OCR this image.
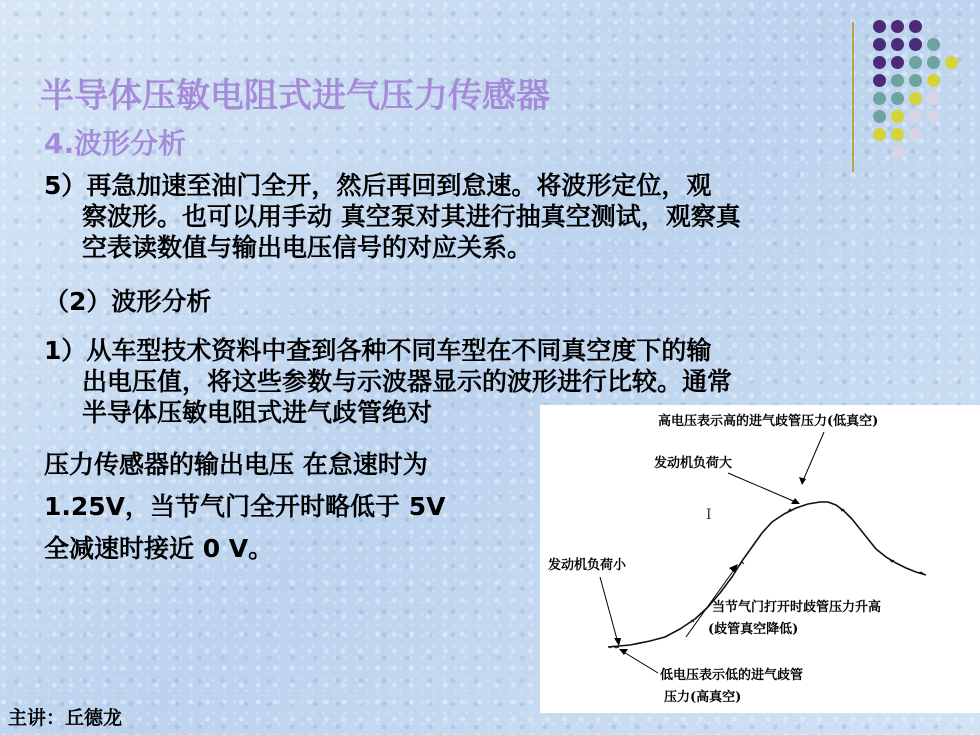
半导体压敏电阻式进气压力传感器
4.波形分析
5）再急加速至油门全开，然后再回到怠速。将波形定位，观
察波形。也可以用手动 真空泵对其进行抽真空测试，观察真
空表读数值与输出电压信号的对应关系。
（2）波形分析
1）从车型技术资料中查到各种不同车型在不同真空度下的输
出电压值，将这些参数与示波器显示的波形进行比较。通常
半导体压敏电阻式进气歧管绝对
压力传感器的输出电压 在怠速时为
1.25V，当节气门全开时略低于 5V
全减速时接近 0 V。
高电压表示高的进气歧管压力(低真空)
发动机负荷大
I
发动机负荷小
当节气门打开时歧管压力升高
(歧管真空降低)
低电压表示低的进气歧管
压力(高真空)
主讲：丘德龙
